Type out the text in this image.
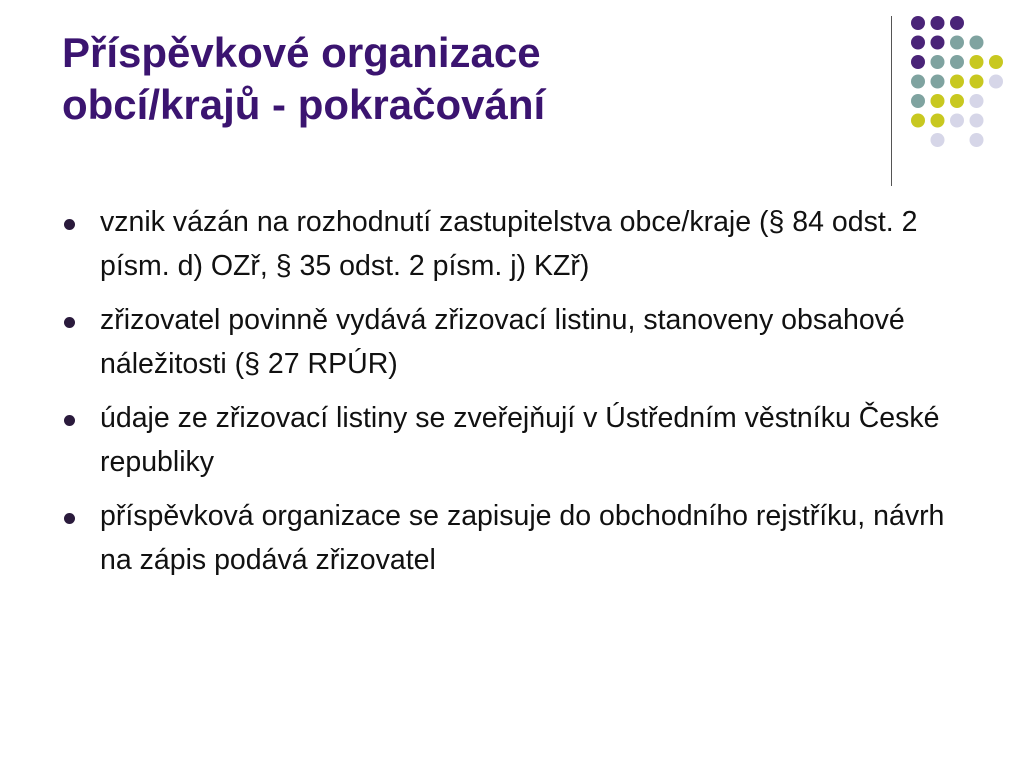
Příspěvkové organizace
obcí/krajů - pokračování
vznik vázán na rozhodnutí zastupitelstva obce/kraje (§ 84 odst. 2 písm. d) OZř, § 35 odst. 2 písm. j) KZř)
zřizovatel povinně vydává zřizovací listinu, stanoveny obsahové náležitosti (§ 27 RPÚR)
údaje ze zřizovací listiny se zveřejňují v Ústředním věstníku České republiky
příspěvková organizace se zapisuje do obchodního rejstříku, návrh na zápis podává zřizovatel
